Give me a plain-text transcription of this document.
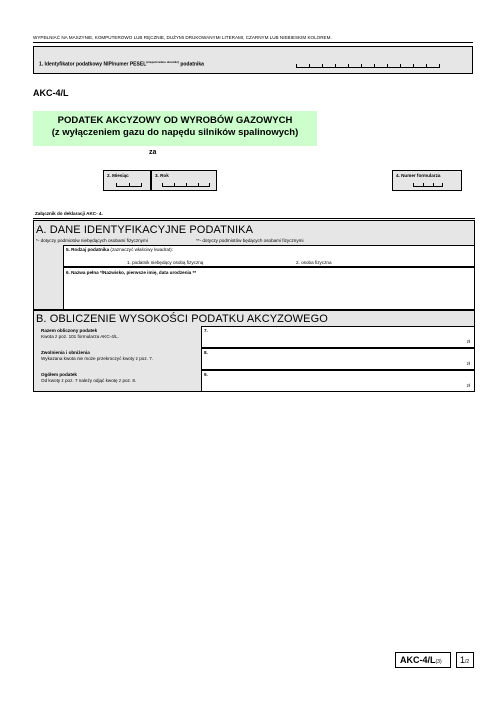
WYPEŁNIAĆ NA MASZYNIE, KOMPUTEROWO LUB RĘCZNIE, DUŻYMI DRUKOWANYMI LITERAMI, CZARNYM LUB NIEBIESKIM KOLOREM.
1. Identyfikator podatkowy NIP/numer $PESEL^{(niepotrzebne skreślić)}$ podatnika
AKC-4/L
PODATEK AKCYZOWY OD WYROBÓW GAZOWYCH
(z wyłączeniem gazu do napędu silników spalinowych)
za
2. Miesiąc	3. Rok	4. Numer formularza
Załącznik do deklaracji AKC- 4.
A. DANE IDENTYFIKACYJNE PODATNIKA
*- dotyczy podmiotów niebędących osobami fizycznymi	**- dotyczy podmiotów będących osobami fizycznymi
5. Rodzaj podatnika (zaznaczyć właściwy kwadrat):
1. podatnik niebędący osobą fizyczną	2. osoba fizyczna
6. Nazwa pełna */Nazwisko, pierwsze imię, data urodzenia **
B. OBLICZENIE WYSOKOŚCI PODATKU AKCYZOWEGO
Razem obliczony podatek
Kwota z poz. 101 formularza AKC-4/L.
7.
zł
Zwolnienia i obniżenia
Wykazana kwota nie może przekroczyć kwoty z poz. 7.
8.
zł
Ogółem podatek
Od kwoty z poz. 7 należy odjąć kwotę z poz. 8.
9.
zł
AKC-4/L(3) 1/2
